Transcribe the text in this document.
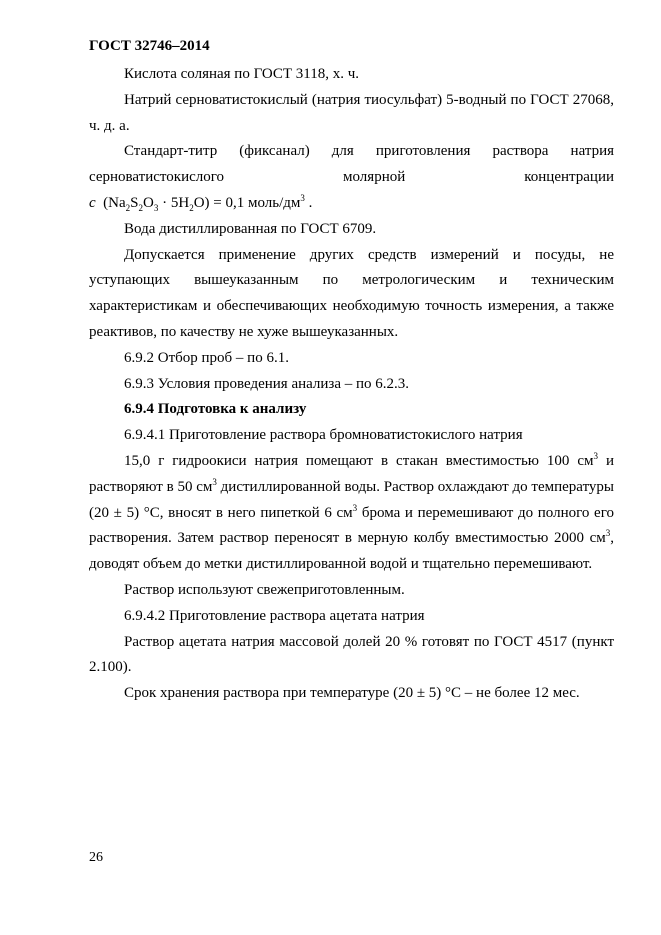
ГОСТ 32746–2014

Кислота соляная по ГОСТ 3118, х. ч.

Натрий серноватистокислый (натрия тиосульфат) 5-водный по ГОСТ 27068, ч. д. а.

Стандарт-титр (фиксанал) для приготовления раствора натрия серноватистокислого молярной концентрации

c $(Na_2S_2O_3 \cdot 5H_2O) = 0,1$ моль/$дм^3$ .

Вода дистиллированная по ГОСТ 6709.

Допускается применение других средств измерений и посуды, не уступающих вышеуказанным по метрологическим и техническим характеристикам и обеспечивающих необходимую точность измерения, а также реактивов, по качеству не хуже вышеуказанных.

6.9.2 Отбор проб – по 6.1.

6.9.3 Условия проведения анализа – по 6.2.3.

6.9.4 Подготовка к анализу

6.9.4.1 Приготовление раствора бромноватистокислого натрия

15,0 г гидроокиси натрия помещают в стакан вместимостью 100 $см^3$ и растворяют в 50 $см^3$ дистиллированной воды. Раствор охлаждают до температуры (20 ± 5) °С, вносят в него пипеткой 6 $см^3$ брома и перемешивают до полного его растворения. Затем раствор переносят в мерную колбу вместимостью 2000 $см^3$, доводят объем до метки дистиллированной водой и тщательно перемешивают.

Раствор используют свежеприготовленным.

6.9.4.2 Приготовление раствора ацетата натрия

Раствор ацетата натрия массовой долей 20 % готовят по ГОСТ 4517 (пункт 2.100).

Срок хранения раствора при температуре (20 ± 5) °С – не более 12 мес.

26
